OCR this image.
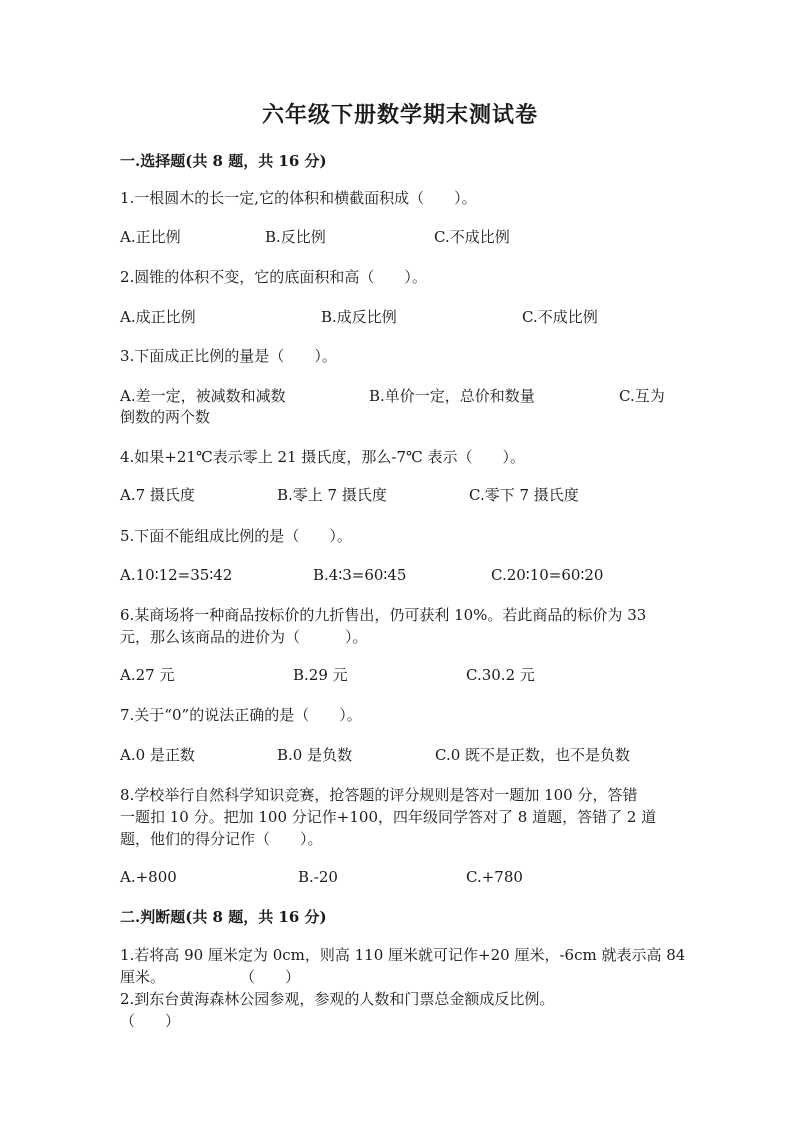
六年级下册数学期末测试卷
一.选择题(共 8 题，共 16 分)
1.一根圆木的长一定,它的体积和横截面积成（　　）。
A.正比例	B.反比例	C.不成比例
2.圆锥的体积不变，它的底面积和高（　　）。
A.成正比例	B.成反比例	C.不成比例
3.下面成正比例的量是（　　）。
A.差一定，被减数和减数	B.单价一定，总价和数量	C.互为
倒数的两个数
4.如果+21℃表示零上 21 摄氏度，那么-7℃ 表示（　　）。
A.7 摄氏度	B.零上 7 摄氏度	C.零下 7 摄氏度
5.下面不能组成比例的是（　　）。
A.10∶12=35∶42	B.4∶3=60∶45	C.20∶10=60∶20
6.某商场将一种商品按标价的九折售出，仍可获利 10%。若此商品的标价为 33
元，那么该商品的进价为（　　　）。
A.27 元	B.29 元	C.30.2 元
7.关于“0”的说法正确的是（　　）。
A.0 是正数	B.0 是负数	C.0 既不是正数，也不是负数
8.学校举行自然科学知识竞赛，抢答题的评分规则是答对一题加 100 分，答错
一题扣 10 分。把加 100 分记作+100，四年级同学答对了 8 道题，答错了 2 道
题，他们的得分记作（　　）。
A.+800	B.-20	C.+780
二.判断题(共 8 题，共 16 分)
1.若将高 90 厘米定为 0cm，则高 110 厘米就可记作+20 厘米，-6cm 就表示高 84
厘米。　　　　　　（　　）
2.到东台黄海森林公园参观，参观的人数和门票总金额成反比例。
（　　）
